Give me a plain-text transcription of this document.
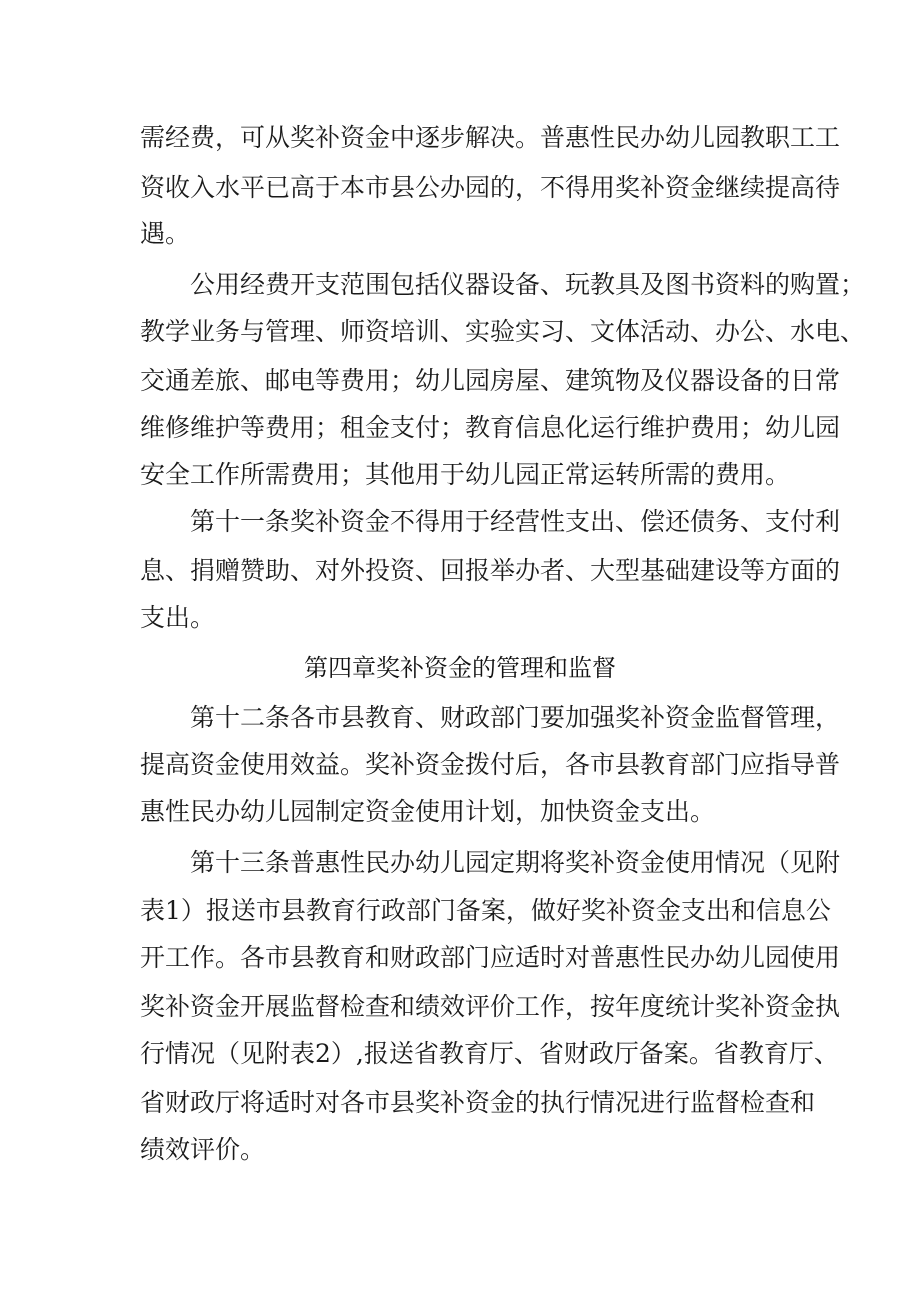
需经费，可从奖补资金中逐步解决。普惠性民办幼儿园教职工工
资收入水平已高于本市县公办园的，不得用奖补资金继续提高待
遇。
公用经费开支范围包括仪器设备、玩教具及图书资料的购置；
教学业务与管理、师资培训、实验实习、文体活动、办公、水电、
交通差旅、邮电等费用；幼儿园房屋、建筑物及仪器设备的日常
维修维护等费用；租金支付；教育信息化运行维护费用；幼儿园
安全工作所需费用；其他用于幼儿园正常运转所需的费用。
第十一条奖补资金不得用于经营性支出、偿还债务、支付利
息、捐赠赞助、对外投资、回报举办者、大型基础建设等方面的
支出。
第四章奖补资金的管理和监督
第十二条各市县教育、财政部门要加强奖补资金监督管理，
提高资金使用效益。奖补资金拨付后，各市县教育部门应指导普
惠性民办幼儿园制定资金使用计划，加快资金支出。
第十三条普惠性民办幼儿园定期将奖补资金使用情况（见附
表1）报送市县教育行政部门备案，做好奖补资金支出和信息公
开工作。各市县教育和财政部门应适时对普惠性民办幼儿园使用
奖补资金开展监督检查和绩效评价工作，按年度统计奖补资金执
行情况（见附表2）,报送省教育厅、省财政厅备案。省教育厅、
省财政厅将适时对各市县奖补资金的执行情况进行监督检查和
绩效评价。
